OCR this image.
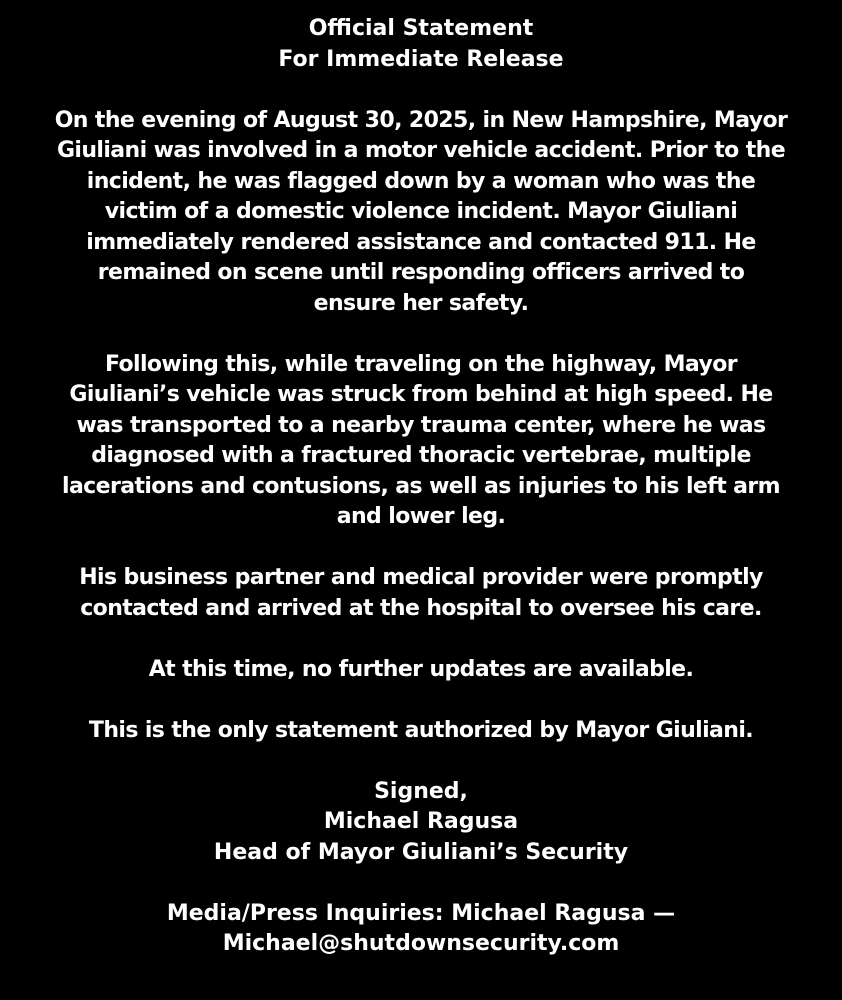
Official Statement
For Immediate Release
On the evening of August 30, 2025, in New Hampshire, Mayor
Giuliani was involved in a motor vehicle accident. Prior to the
incident, he was flagged down by a woman who was the
victim of a domestic violence incident. Mayor Giuliani
immediately rendered assistance and contacted 911. He
remained on scene until responding officers arrived to
ensure her safety.
Following this, while traveling on the highway, Mayor
Giuliani’s vehicle was struck from behind at high speed. He
was transported to a nearby trauma center, where he was
diagnosed with a fractured thoracic vertebrae, multiple
lacerations and contusions, as well as injuries to his left arm
and lower leg.
His business partner and medical provider were promptly
contacted and arrived at the hospital to oversee his care.
At this time, no further updates are available.
This is the only statement authorized by Mayor Giuliani.
Signed,
Michael Ragusa
Head of Mayor Giuliani’s Security
Media/Press Inquiries: Michael Ragusa —
Michael@shutdownsecurity.com
